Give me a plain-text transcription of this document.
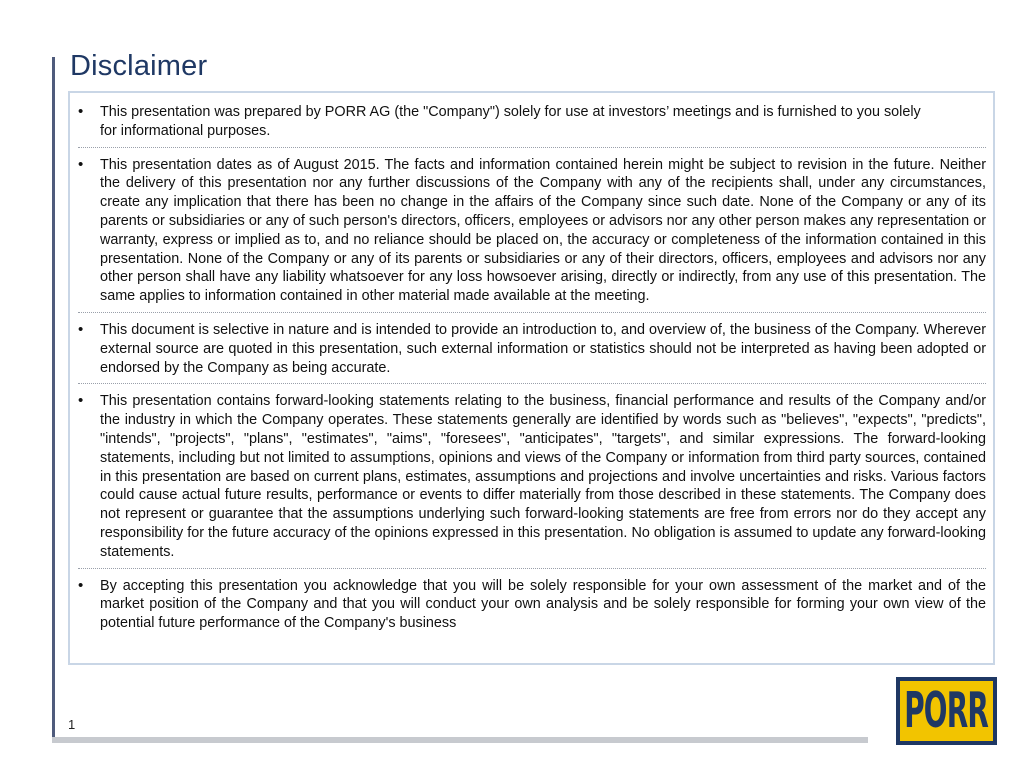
Disclaimer
• This presentation was prepared by PORR AG (the "Company") solely for use at investors’ meetings and is furnished to you solely for informational purposes.
• This presentation dates as of August 2015. The facts and information contained herein might be subject to revision in the future. Neither the delivery of this presentation nor any further discussions of the Company with any of the recipients shall, under any circumstances, create any implication that there has been no change in the affairs of the Company since such date. None of the Company or any of its parents or subsidiaries or any of such person's directors, officers, employees or advisors nor any other person makes any representation or warranty, express or implied as to, and no reliance should be placed on, the accuracy or completeness of the information contained in this presentation. None of the Company or any of its parents or subsidiaries or any of their directors, officers, employees and advisors nor any other person shall have any liability whatsoever for any loss howsoever arising, directly or indirectly, from any use of this presentation. The same applies to information contained in other material made available at the meeting.
• This document is selective in nature and is intended to provide an introduction to, and overview of, the business of the Company. Wherever external source are quoted in this presentation, such external information or statistics should not be interpreted as having been adopted or endorsed by the Company as being accurate.
• This presentation contains forward-looking statements relating to the business, financial performance and results of the Company and/or the industry in which the Company operates. These statements generally are identified by words such as "believes", "expects", "predicts", "intends", "projects", "plans", "estimates", "aims", "foresees", "anticipates", "targets", and similar expressions. The forward-looking statements, including but not limited to assumptions, opinions and views of the Company or information from third party sources, contained in this presentation are based on current plans, estimates, assumptions and projections and involve uncertainties and risks. Various factors could cause actual future results, performance or events to differ materially from those described in these statements. The Company does not represent or guarantee that the assumptions underlying such forward-looking statements are free from errors nor do they accept any responsibility for the future accuracy of the opinions expressed in this presentation. No obligation is assumed to update any forward-looking statements.
• By accepting this presentation you acknowledge that you will be solely responsible for your own assessment of the market and of the market position of the Company and that you will conduct your own analysis and be solely responsible for forming your own view of the potential future performance of the Company's business
1	PORR
